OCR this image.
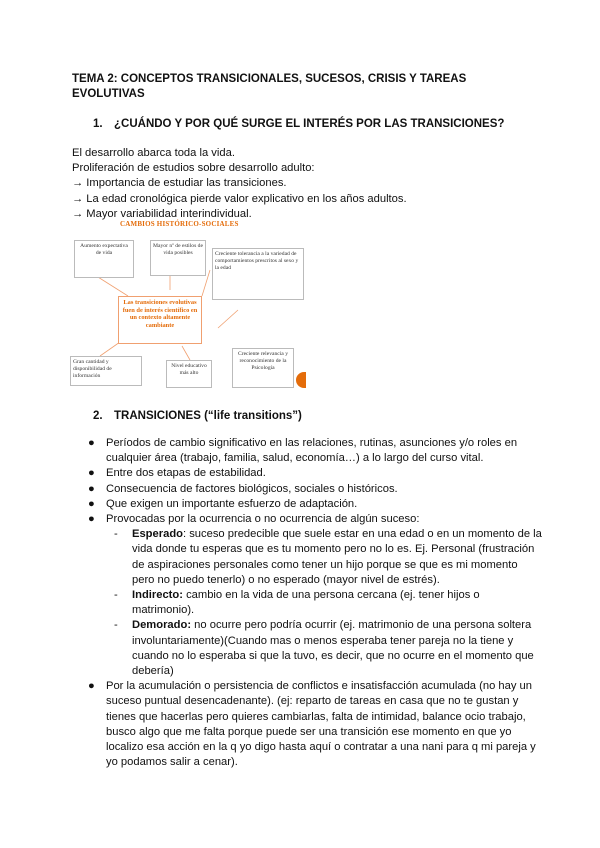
TEMA 2: CONCEPTOS TRANSICIONALES, SUCESOS, CRISIS Y TAREAS EVOLUTIVAS
1. ¿CUÁNDO Y POR QUÉ SURGE EL INTERÉS POR LAS TRANSICIONES?
El desarrollo abarca toda la vida.
Proliferación de estudios sobre desarrollo adulto:
→ Importancia de estudiar las transiciones.
→ La edad cronológica pierde valor explicativo en los años adultos.
→ Mayor variabilidad interindividual.
CAMBIOS HISTÓRICO-SOCIALES
Aumento expectativa de vida
Mayor nº de estilos de vida posibles	Creciente tolerancia a la variedad de comportamientos prescritos al sexo y la edad
Las transiciones evolutivas fuen de interés científico en un contexto altamente cambiante
Gran cantidad y disponibilidad de información
Nivel educativo más alto
Creciente relevancia y reconocimiento de la Psicología
2. TRANSICIONES (“life transitions”)
● Períodos de cambio significativo en las relaciones, rutinas, asunciones y/o roles en cualquier área (trabajo, familia, salud, economía…) a lo largo del curso vital.
● Entre dos etapas de estabilidad.
● Consecuencia de factores biológicos, sociales o históricos.
● Que exigen un importante esfuerzo de adaptación.
● Provocadas por la ocurrencia o no ocurrencia de algún suceso:
- Esperado: suceso predecible que suele estar en una edad o en un momento de la vida donde tu esperas que es tu momento pero no lo es. Ej. Personal (frustración de aspiraciones personales como tener un hijo porque se que es mi momento pero no puedo tenerlo) o no esperado (mayor nivel de estrés).
- Indirecto: cambio en la vida de una persona cercana (ej. tener hijos o matrimonio).
- Demorado: no ocurre pero podría ocurrir (ej. matrimonio de una persona soltera involuntariamente)(Cuando mas o menos esperaba tener pareja no la tiene y cuando no lo esperaba si que la tuvo, es decir, que no ocurre en el momento que debería)
● Por la acumulación o persistencia de conflictos e insatisfacción acumulada (no hay un suceso puntual desencadenante). (ej: reparto de tareas en casa que no te gustan y tienes que hacerlas pero quieres cambiarlas, falta de intimidad, balance ocio trabajo, busco algo que me falta porque puede ser una transición ese momento en que yo localizo esa acción en la q yo digo hasta aquí o contratar a una nani para q mi pareja y yo podamos salir a cenar).
